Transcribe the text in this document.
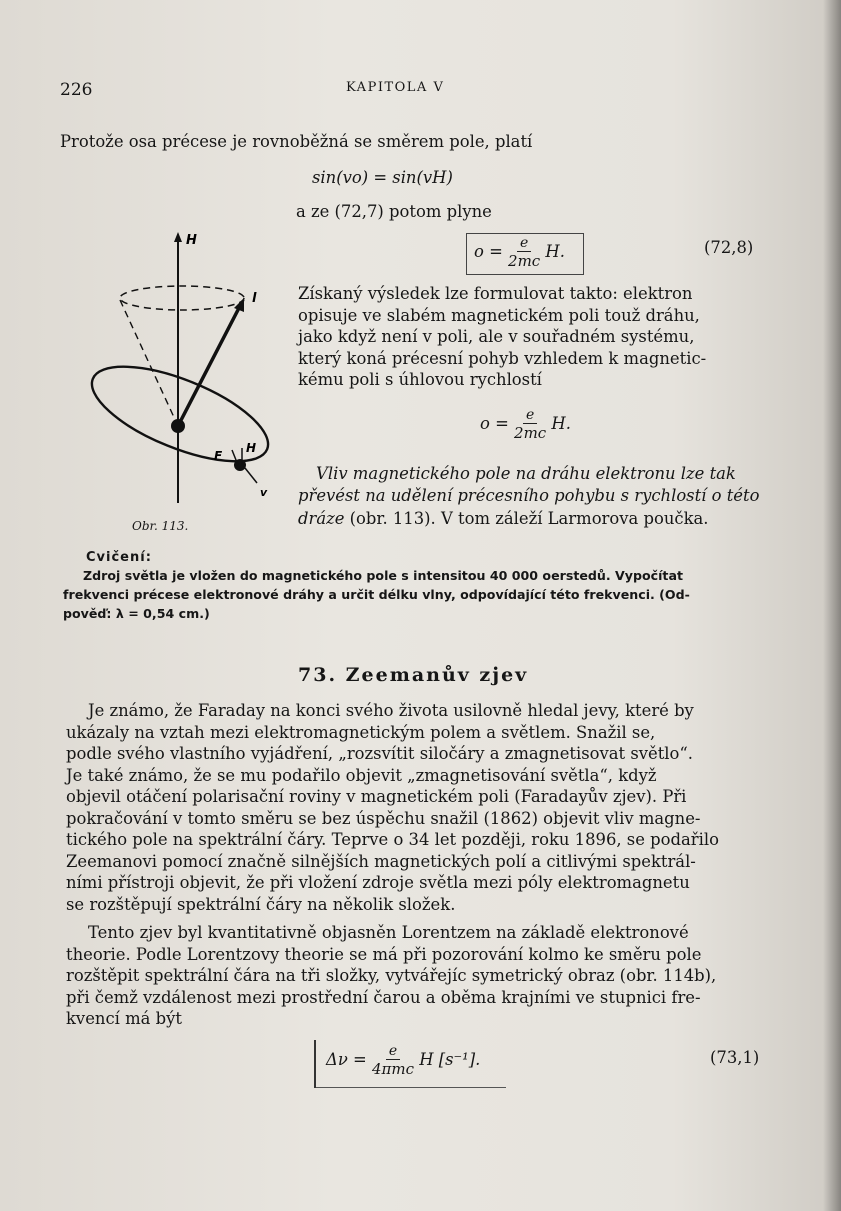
226	KAPITOLA V
Protože osa précese je rovnoběžná se směrem pole, platí
sin(vo) = sin(vH)
a ze (72,7) potom plyne
$o = \frac{e}{2mc} H$.	(72,8)
Získaný výsledek lze formulovat takto: elektron
opisuje ve slabém magnetickém poli touž dráhu,
jako když není v poli, ale v souřadném systému,
který koná précesní pohyb vzhledem k magnetic-
kému poli s úhlovou rychlostí
$o = \frac{e}{2mc} H$.
Vliv magnetického pole na dráhu elektronu lze tak
převést na udělení précesního pohybu s rychlostí o této
dráze (obr. 113). V tom záleží Larmorova poučka.
H
l
F
H
v
Obr. 113.
Cvičení:
Zdroj světla je vložen do magnetického pole s intensitou 40 000 oerstedů. Vypočítat
frekvenci précese elektronové dráhy a určit délku vlny, odpovídající této frekvenci. (Od-
pověď: λ = 0,54 cm.)
73. Zeemanův zjev
Je známo, že Faraday na konci svého života usilovně hledal jevy, které by
ukázaly na vztah mezi elektromagnetickým polem a světlem. Snažil se,
podle svého vlastního vyjádření, „rozsvítit siločáry a zmagnetisovat světlo“.
Je také známo, že se mu podařilo objevit „zmagnetisování světla“, když
objevil otáčení polarisační roviny v magnetickém poli (Faradayův zjev). Při
pokračování v tomto směru se bez úspěchu snažil (1862) objevit vliv magne-
tického pole na spektrální čáry. Teprve o 34 let později, roku 1896, se podařilo
Zeemanovi pomocí značně silnějších magnetických polí a citlivými spektrál-
ními přístroji objevit, že při vložení zdroje světla mezi póly elektromagnetu
se rozštěpují spektrální čáry na několik složek.
Tento zjev byl kvantitativně objasněn Lorentzem na základě elektronové
theorie. Podle Lorentzovy theorie se má při pozorování kolmo ke směru pole
rozštěpit spektrální čára na tři složky, vytvářejíc symetrický obraz (obr. 114b),
při čemž vzdálenost mezi prostřední čarou a oběma krajními ve stupnici fre-
kvencí má být
$\Delta\nu = \frac{e}{\text{4πmc}}$ H [s⁻¹].	(73,1)
